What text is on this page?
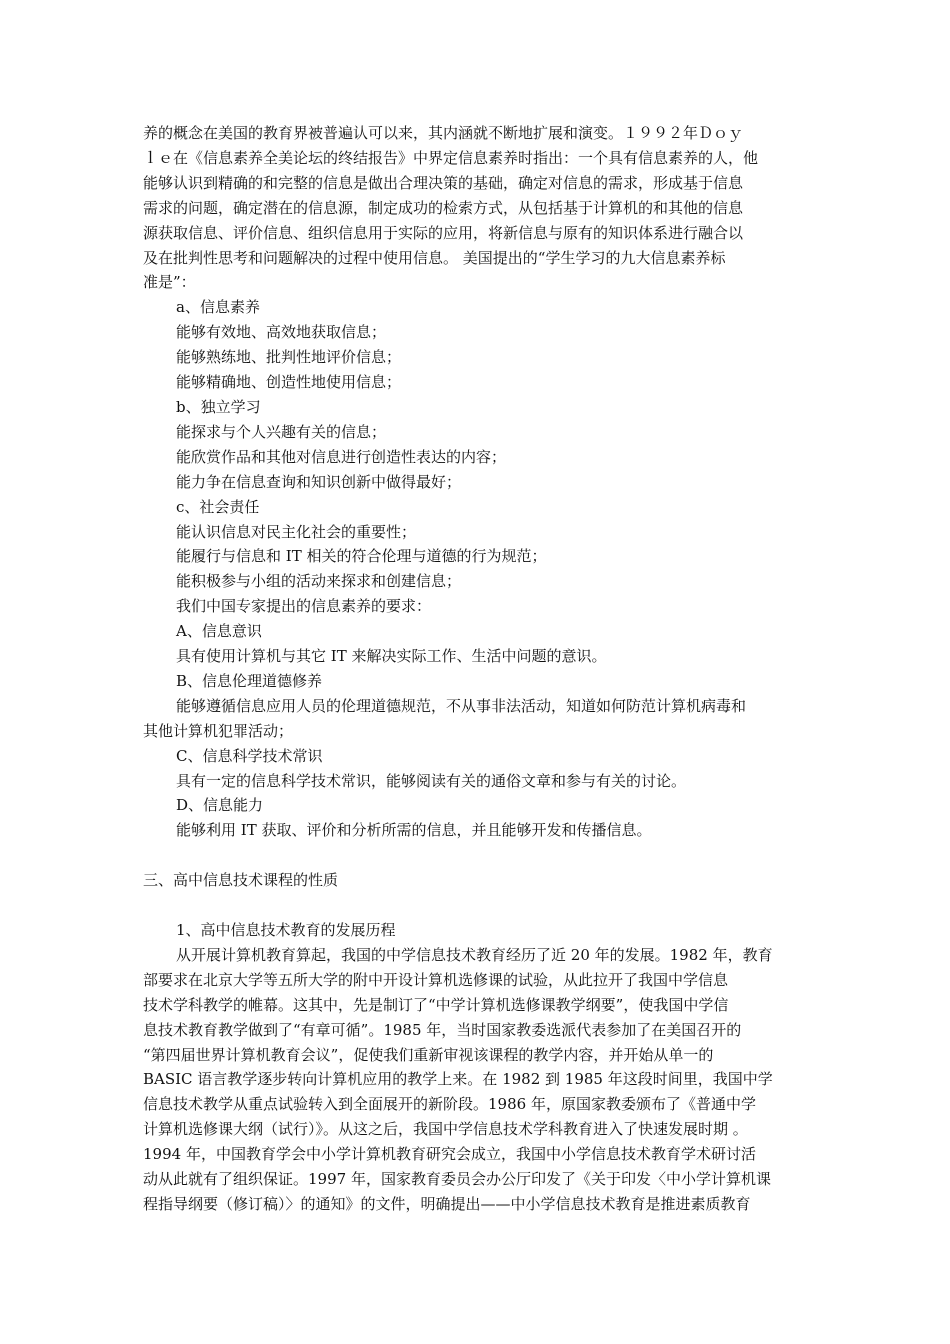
养的概念在美国的教育界被普遍认可以来，其内涵就不断地扩展和演变。１９９２年Ｄｏｙ

ｌｅ在《信息素养全美论坛的终结报告》中界定信息素养时指出：一个具有信息素养的人，他

能够认识到精确的和完整的信息是做出合理决策的基础，确定对信息的需求，形成基于信息

需求的问题，确定潜在的信息源，制定成功的检索方式，从包括基于计算机的和其他的信息

源获取信息、评价信息、组织信息用于实际的应用，将新信息与原有的知识体系进行融合以

及在批判性思考和问题解决的过程中使用信息。 美国提出的“学生学习的九大信息素养标

准是”：

a、信息素养

能够有效地、高效地获取信息；

能够熟练地、批判性地评价信息；

能够精确地、创造性地使用信息；

b、独立学习

能探求与个人兴趣有关的信息；

能欣赏作品和其他对信息进行创造性表达的内容；

能力争在信息查询和知识创新中做得最好；

c、社会责任

能认识信息对民主化社会的重要性；

能履行与信息和 IT 相关的符合伦理与道德的行为规范；

能积极参与小组的活动来探求和创建信息；

我们中国专家提出的信息素养的要求：

A、信息意识

具有使用计算机与其它 IT 来解决实际工作、生活中问题的意识。

B、信息伦理道德修养

能够遵循信息应用人员的伦理道德规范，不从事非法活动，知道如何防范计算机病毒和

其他计算机犯罪活动；

C、信息科学技术常识

具有一定的信息科学技术常识，能够阅读有关的通俗文章和参与有关的讨论。

D、信息能力

能够利用 IT 获取、评价和分析所需的信息，并且能够开发和传播信息。

三、高中信息技术课程的性质

1、高中信息技术教育的发展历程

从开展计算机教育算起，我国的中学信息技术教育经历了近 20 年的发展。1982 年，教育

部要求在北京大学等五所大学的附中开设计算机选修课的试验，从此拉开了我国中学信息

技术学科教学的帷幕。这其中，先是制订了“中学计算机选修课教学纲要”，使我国中学信

息技术教育教学做到了“有章可循”。1985 年，当时国家教委选派代表参加了在美国召开的

“第四届世界计算机教育会议”，促使我们重新审视该课程的教学内容，并开始从单一的

BASIC 语言教学逐步转向计算机应用的教学上来。在 1982 到 1985 年这段时间里，我国中学

信息技术教学从重点试验转入到全面展开的新阶段。1986 年，原国家教委颁布了《普通中学

计算机选修课大纲（试行）》。从这之后，我国中学信息技术学科教育进入了快速发展时期 。

1994 年，中国教育学会中小学计算机教育研究会成立，我国中小学信息技术教育学术研讨活

动从此就有了组织保证。1997 年，国家教育委员会办公厅印发了《关于印发〈中小学计算机课

程指导纲要（修订稿）〉的通知》的文件，明确提出——中小学信息技术教育是推进素质教育
